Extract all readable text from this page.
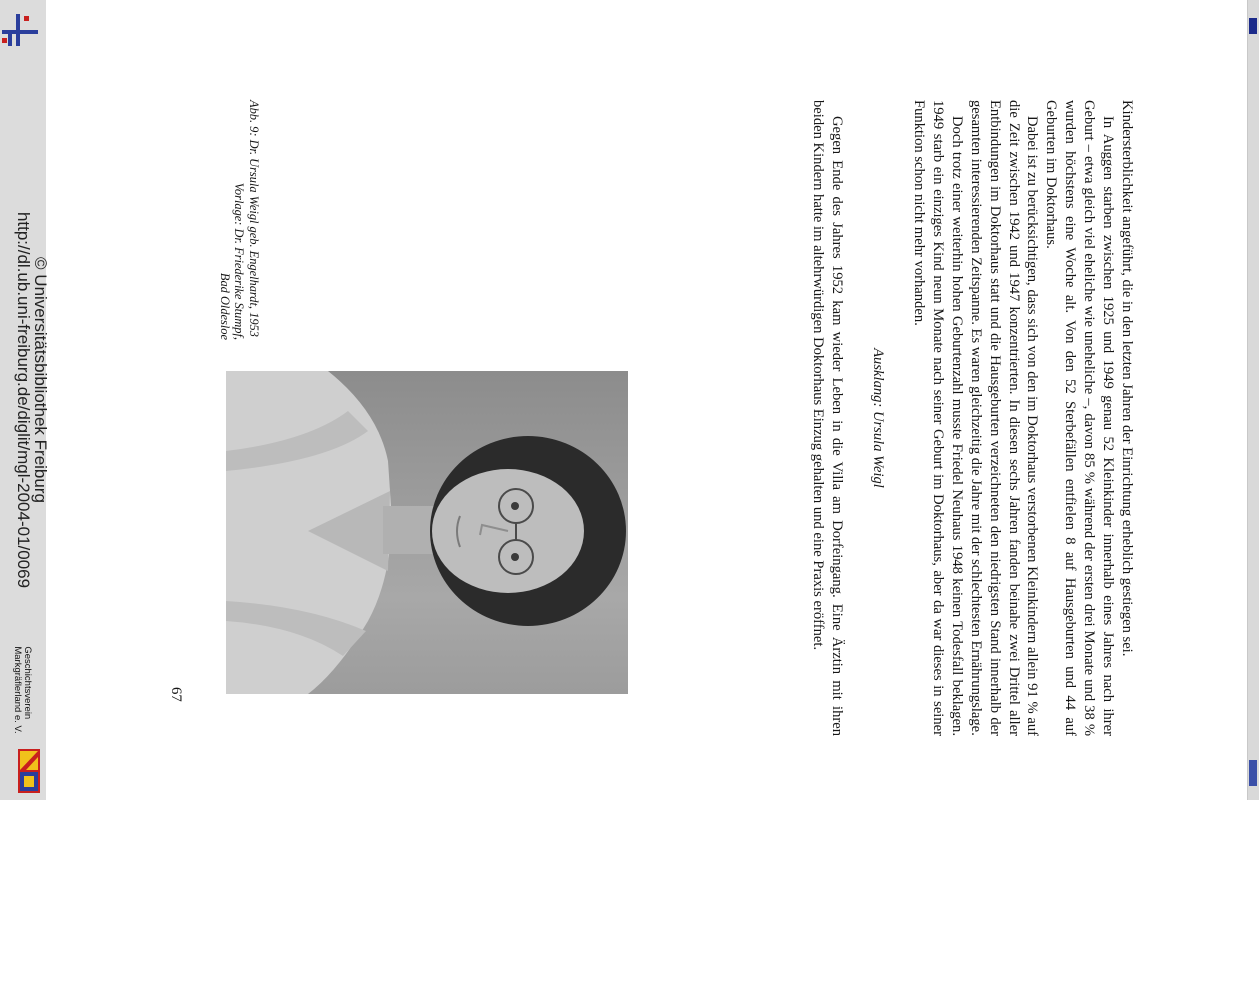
http://dl.ub.uni-freiburg.de/diglit/mgl-2004-01/0069
© Universitätsbibliothek Freiburg
Geschichtsverein
Markgräflerland e. V.

Kindersterblichkeit angeführt, die in den letzten Jahren der Einrichtung erheblich gestiegen sei.

In Auggen starben zwischen 1925 und 1949 genau 52 Kleinkinder innerhalb eines Jahres nach ihrer Geburt – etwa gleich viel eheliche wie uneheliche –, davon 85 % während der ersten drei Monate und 38 % wurden höchstens eine Woche alt. Von den 52 Sterbefällen entfielen 8 auf Hausgeburten und 44 auf Geburten im Doktorhaus.

Dabei ist zu berücksichtigen, dass sich von den im Doktorhaus verstorbenen Kleinkindern allein 91 % auf die Zeit zwischen 1942 und 1947 konzentrierten. In diesen sechs Jahren fanden beinahe zwei Drittel aller Entbindungen im Doktorhaus statt und die Hausgeburten verzeichneten den niedrigsten Stand innerhalb der gesamten interessierenden Zeitspanne. Es waren gleichzeitig die Jahre mit der schlechtesten Ernährungslage.

Doch trotz einer weiterhin hohen Geburtenzahl musste Friedel Neuhaus 1948 keinen Todesfall beklagen. 1949 starb ein einziges Kind neun Monate nach seiner Geburt im Doktorhaus, aber da war dieses in seiner Funktion schon nicht mehr vorhanden.

Ausklang: Ursula Weigl

Gegen Ende des Jahres 1952 kam wieder Leben in die Villa am Dorfeingang. Eine Ärztin mit ihren beiden Kindern hatte im altehrwürdigen Doktorhaus Einzug gehalten und eine Praxis eröffnet.

Abb. 9: Dr. Ursula Weigl geb. Engelhardt, 1953
Vorlage: Dr. Friederike Stumpf,
Bad Oldesloe
67
